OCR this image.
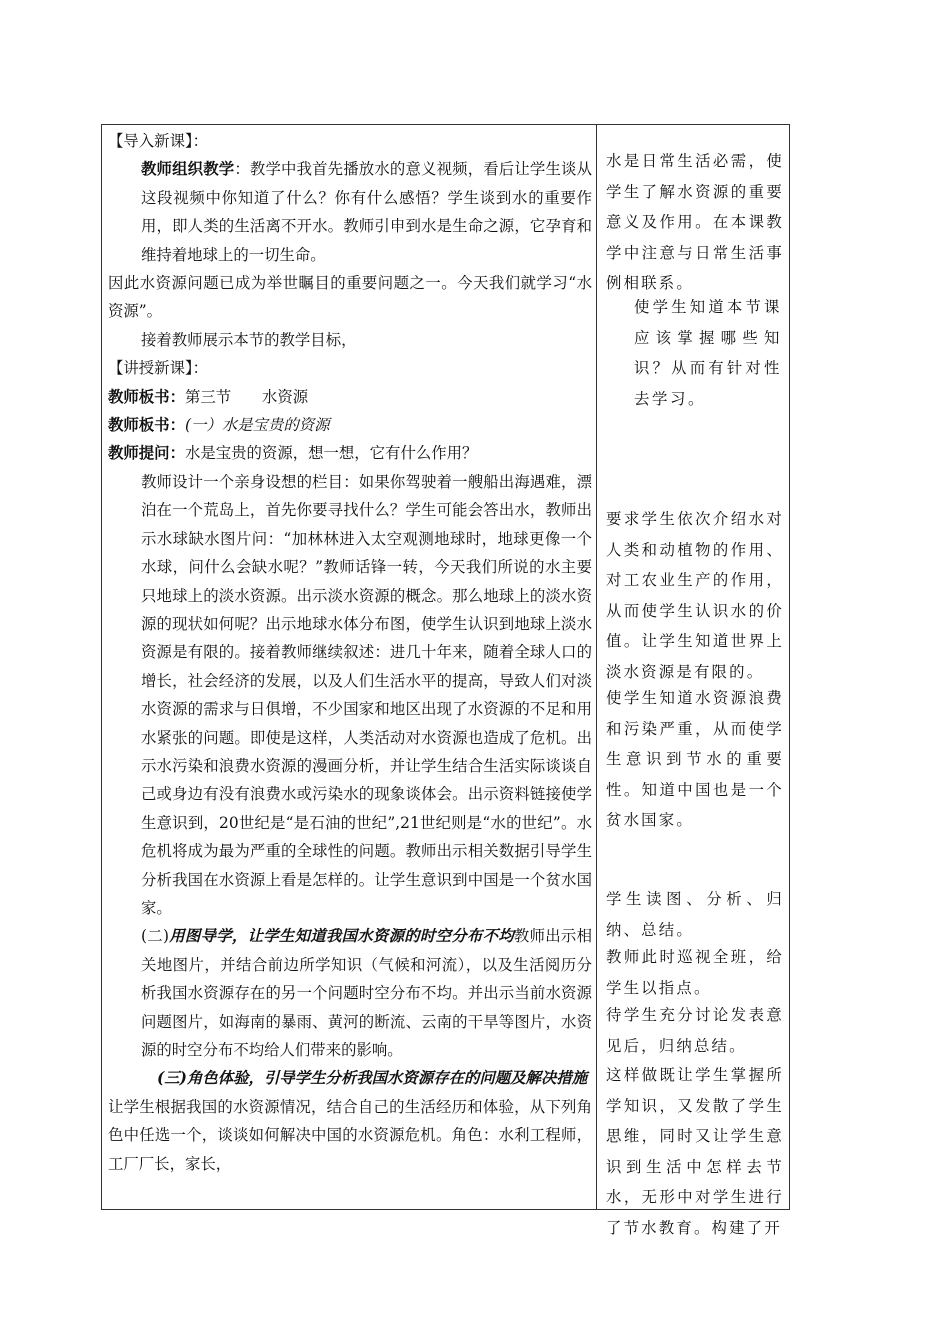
【导入新课】：

教师组织教学：教学中我首先播放水的意义视频，看后让学生谈从这段视频中你知道了什么？你有什么感悟？学生谈到水的重要作用，即人类的生活离不开水。教师引申到水是生命之源，它孕育和维持着地球上的一切生命。

因此水资源问题已成为举世瞩目的重要问题之一。今天我们就学习“水资源”。

接着教师展示本节的教学目标，

【讲授新课】：

教师板书：第三节　　水资源

教师板书：(一）水是宝贵的资源

教师提问：水是宝贵的资源，想一想，它有什么作用？

教师设计一个亲身设想的栏目：如果你驾驶着一艘船出海遇难，漂泊在一个荒岛上，首先你要寻找什么？学生可能会答出水，教师出示水球缺水图片问：“加林林进入太空观测地球时，地球更像一个水球，问什么会缺水呢？”教师话锋一转，今天我们所说的水主要只地球上的淡水资源。出示淡水资源的概念。那么地球上的淡水资源的现状如何呢？出示地球水体分布图，使学生认识到地球上淡水资源是有限的。接着教师继续叙述：进几十年来，随着全球人口的增长，社会经济的发展，以及人们生活水平的提高，导致人们对淡水资源的需求与日俱增，不少国家和地区出现了水资源的不足和用水紧张的问题。即使是这样，人类活动对水资源也造成了危机。出示水污染和浪费水资源的漫画分析，并让学生结合生活实际谈谈自己或身边有没有浪费水或污染水的现象谈体会。出示资料链接使学生意识到，20世纪是“是石油的世纪”,21世纪则是“水的世纪”。水危机将成为最为严重的全球性的问题。教师出示相关数据引导学生分析我国在水资源上看是怎样的。让学生意识到中国是一个贫水国家。

(二)用图导学，让学生知道我国水资源的时空分布不均教师出示相关地图片，并结合前边所学知识（气候和河流），以及生活阅历分析我国水资源存在的另一个问题时空分布不均。并出示当前水资源问题图片，如海南的暴雨、黄河的断流、云南的干旱等图片，水资源的时空分布不均给人们带来的影响。

(三)角色体验，引导学生分析我国水资源存在的问题及解决措施

让学生根据我国的水资源情况，结合自己的生活经历和体验，从下列角色中任选一个，谈谈如何解决中国的水资源危机。角色：水利工程师，工厂厂长，家长，

水是日常生活必需，使学生了解水资源的重要意义及作用。在本课教学中注意与日常生活事例相联系。
使学生知道本节课应该掌握哪些知识？从而有针对性去学习。
要求学生依次介绍水对人类和动植物的作用、对工农业生产的作用，从而使学生认识水的价值。让学生知道世界上淡水资源是有限的。
使学生知道水资源浪费和污染严重，从而使学生意识到节水的重要性。知道中国也是一个贫水国家。
学生读图、分析、归纳、总结。
教师此时巡视全班，给学生以指点。
待学生充分讨论发表意见后，归纳总结。
这样做既让学生掌握所学知识，又发散了学生思维，同时又让学生意识到生活中怎样去节水，无形中对学生进行了节水教育。构建了开
